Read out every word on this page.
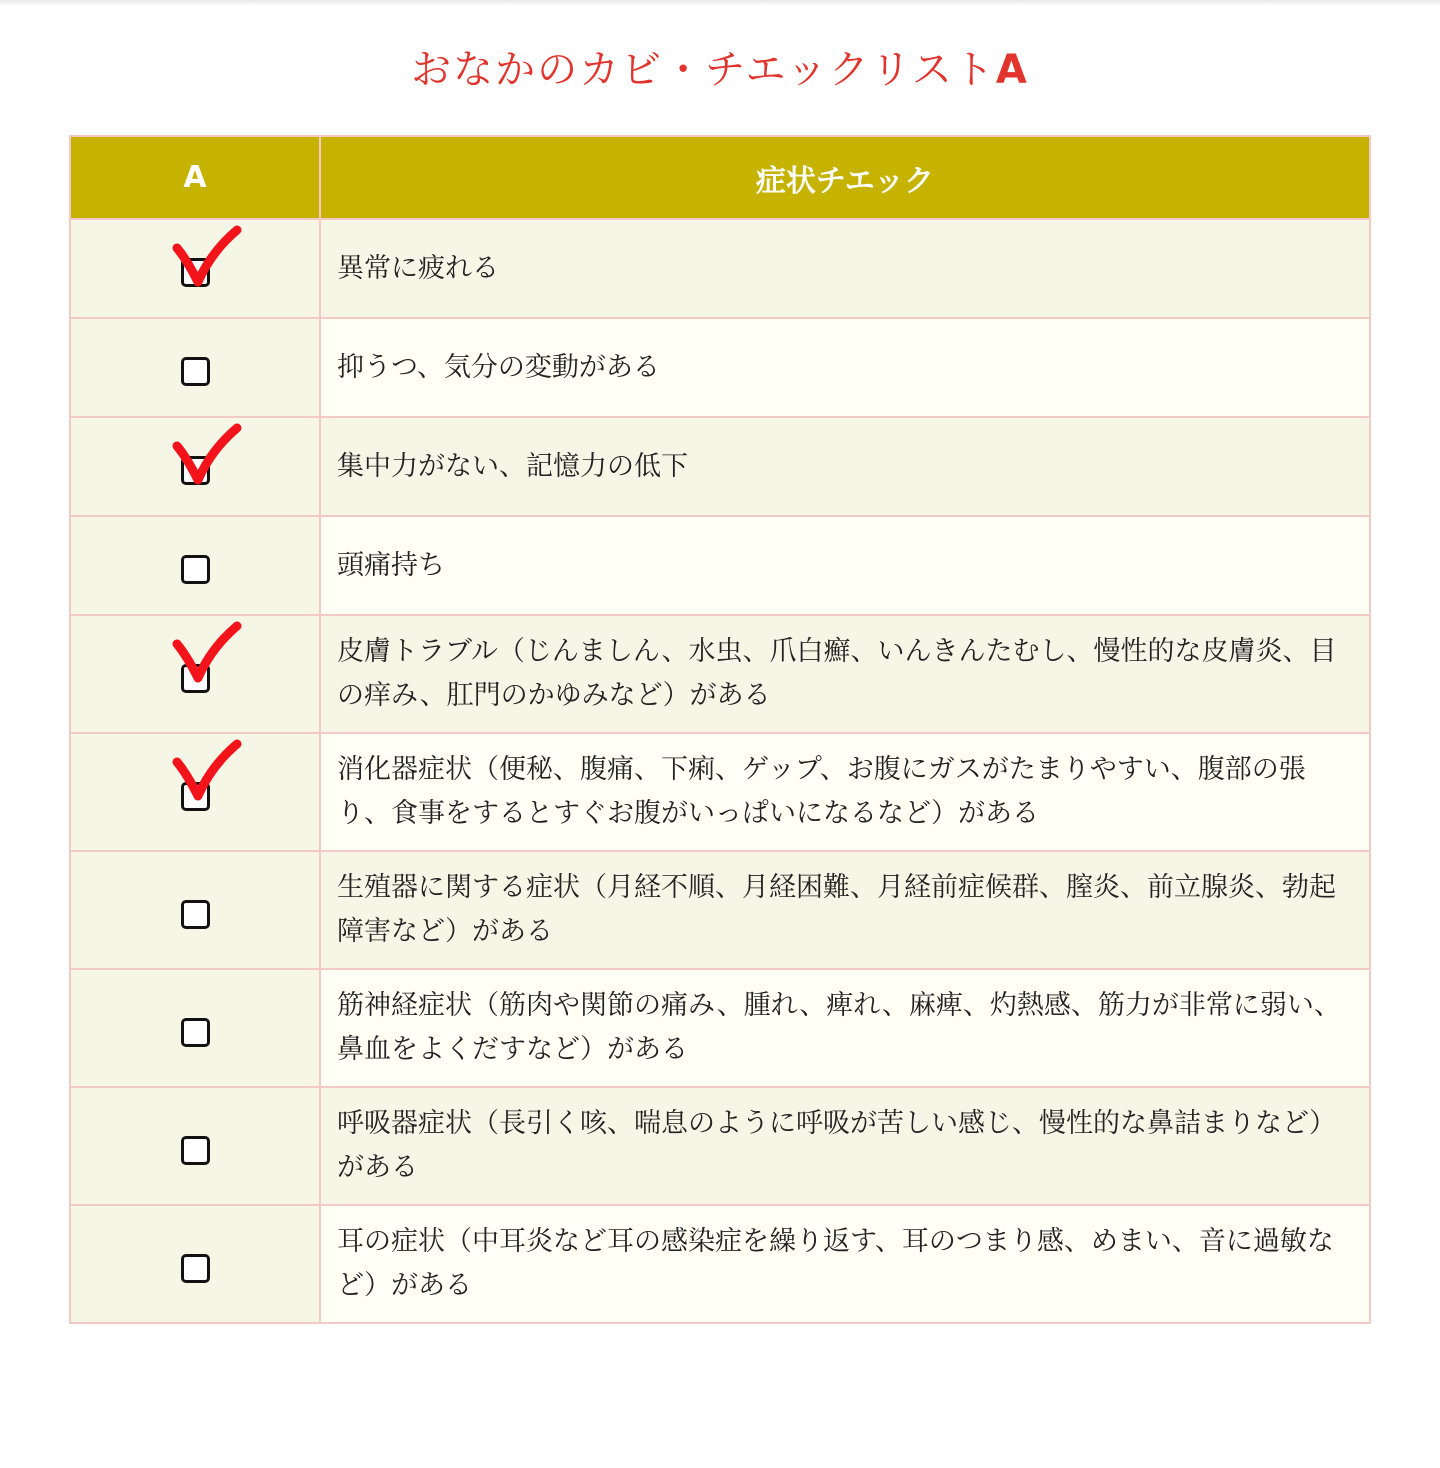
おなかのカビ・チエックリストA
A	症状チエック

	異常に疲れる
	抑うつ、気分の変動がある

	集中力がない、記憶力の低下
	頭痛持ち

	皮膚トラブル（じんましん、水虫、爪白癬、いんきんたむし、慢性的な皮膚炎、目の痒み、肛門のかゆみなど）がある

	消化器症状（便秘、腹痛、下痢、ゲップ、お腹にガスがたまりやすい、腹部の張り、食事をするとすぐお腹がいっぱいになるなど）がある
	生殖器に関する症状（月経不順、月経困難、月経前症候群、膣炎、前立腺炎、勃起障害など）がある
	筋神経症状（筋肉や関節の痛み、腫れ、痺れ、麻痺、灼熱感、筋力が非常に弱い、鼻血をよくだすなど）がある
	呼吸器症状（長引く咳、喘息のように呼吸が苦しい感じ、慢性的な鼻詰まりなど）がある
	耳の症状（中耳炎など耳の感染症を繰り返す、耳のつまり感、めまい、音に過敏など）がある
